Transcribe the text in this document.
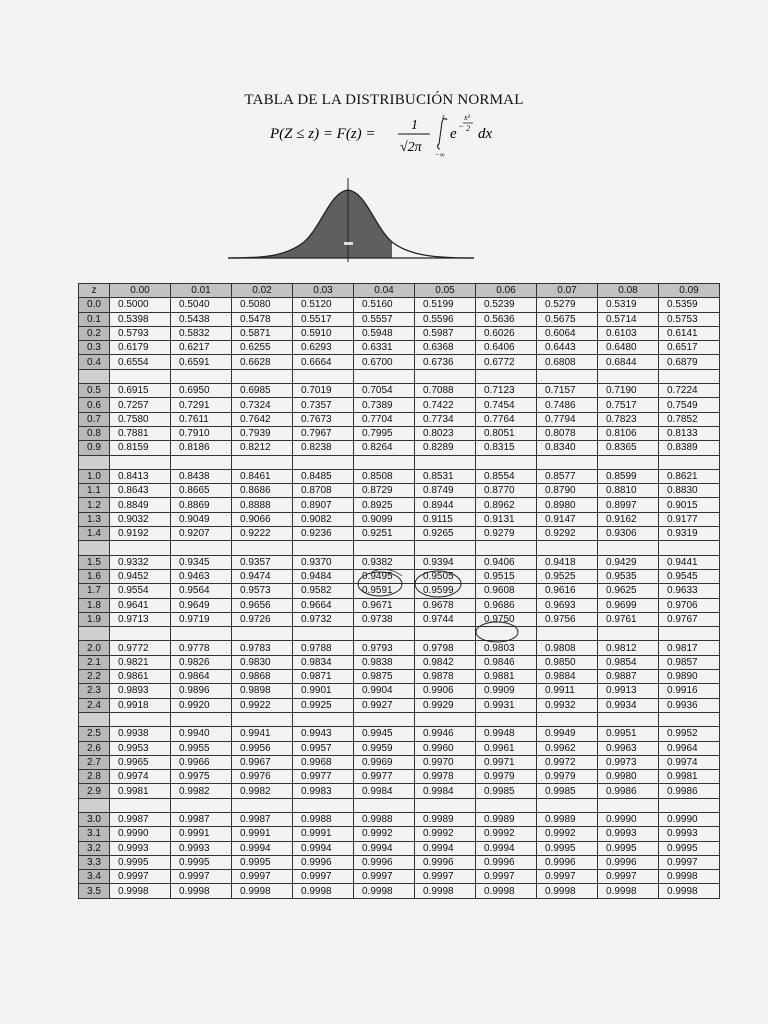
TABLA DE LA DISTRIBUCIÓN NORMAL
P(Z ≤ z) = F(z) =
1
√2π
z
−∞
e −
x²
2 dx
z	0.00	0.01	0.02	0.03	0.04	0.05	0.06	0.07	0.08	0.09
0.0	0.5000	0.5040	0.5080	0.5120	0.5160	0.5199	0.5239	0.5279	0.5319	0.5359
0.1	0.5398	0.5438	0.5478	0.5517	0.5557	0.5596	0.5636	0.5675	0.5714	0.5753
0.2	0.5793	0.5832	0.5871	0.5910	0.5948	0.5987	0.6026	0.6064	0.6103	0.6141
0.3	0.6179	0.6217	0.6255	0.6293	0.6331	0.6368	0.6406	0.6443	0.6480	0.6517
0.4	0.6554	0.6591	0.6628	0.6664	0.6700	0.6736	0.6772	0.6808	0.6844	0.6879

0.5	0.6915	0.6950	0.6985	0.7019	0.7054	0.7088	0.7123	0.7157	0.7190	0.7224
0.6	0.7257	0.7291	0.7324	0.7357	0.7389	0.7422	0.7454	0.7486	0.7517	0.7549
0.7	0.7580	0.7611	0.7642	0.7673	0.7704	0.7734	0.7764	0.7794	0.7823	0.7852
0.8	0.7881	0.7910	0.7939	0.7967	0.7995	0.8023	0.8051	0.8078	0.8106	0.8133
0.9	0.8159	0.8186	0.8212	0.8238	0.8264	0.8289	0.8315	0.8340	0.8365	0.8389

1.0	0.8413	0.8438	0.8461	0.8485	0.8508	0.8531	0.8554	0.8577	0.8599	0.8621
1.1	0.8643	0.8665	0.8686	0.8708	0.8729	0.8749	0.8770	0.8790	0.8810	0.8830
1.2	0.8849	0.8869	0.8888	0.8907	0.8925	0.8944	0.8962	0.8980	0.8997	0.9015
1.3	0.9032	0.9049	0.9066	0.9082	0.9099	0.9115	0.9131	0.9147	0.9162	0.9177
1.4	0.9192	0.9207	0.9222	0.9236	0.9251	0.9265	0.9279	0.9292	0.9306	0.9319

1.5	0.9332	0.9345	0.9357	0.9370	0.9382	0.9394	0.9406	0.9418	0.9429	0.9441
1.6	0.9452	0.9463	0.9474	0.9484	0.9495	0.9505	0.9515	0.9525	0.9535	0.9545
1.7	0.9554	0.9564	0.9573	0.9582	0.9591	0.9599	0.9608	0.9616	0.9625	0.9633
1.8	0.9641	0.9649	0.9656	0.9664	0.9671	0.9678	0.9686	0.9693	0.9699	0.9706
1.9	0.9713	0.9719	0.9726	0.9732	0.9738	0.9744	0.9750	0.9756	0.9761	0.9767

2.0	0.9772	0.9778	0.9783	0.9788	0.9793	0.9798	0.9803	0.9808	0.9812	0.9817
2.1	0.9821	0.9826	0.9830	0.9834	0.9838	0.9842	0.9846	0.9850	0.9854	0.9857
2.2	0.9861	0.9864	0.9868	0.9871	0.9875	0.9878	0.9881	0.9884	0.9887	0.9890
2.3	0.9893	0.9896	0.9898	0.9901	0.9904	0.9906	0.9909	0.9911	0.9913	0.9916
2.4	0.9918	0.9920	0.9922	0.9925	0.9927	0.9929	0.9931	0.9932	0.9934	0.9936

2.5	0.9938	0.9940	0.9941	0.9943	0.9945	0.9946	0.9948	0.9949	0.9951	0.9952
2.6	0.9953	0.9955	0.9956	0.9957	0.9959	0.9960	0.9961	0.9962	0.9963	0.9964
2.7	0.9965	0.9966	0.9967	0.9968	0.9969	0.9970	0.9971	0.9972	0.9973	0.9974
2.8	0.9974	0.9975	0.9976	0.9977	0.9977	0.9978	0.9979	0.9979	0.9980	0.9981
2.9	0.9981	0.9982	0.9982	0.9983	0.9984	0.9984	0.9985	0.9985	0.9986	0.9986

3.0	0.9987	0.9987	0.9987	0.9988	0.9988	0.9989	0.9989	0.9989	0.9990	0.9990
3.1	0.9990	0.9991	0.9991	0.9991	0.9992	0.9992	0.9992	0.9992	0.9993	0.9993
3.2	0.9993	0.9993	0.9994	0.9994	0.9994	0.9994	0.9994	0.9995	0.9995	0.9995
3.3	0.9995	0.9995	0.9995	0.9996	0.9996	0.9996	0.9996	0.9996	0.9996	0.9997
3.4	0.9997	0.9997	0.9997	0.9997	0.9997	0.9997	0.9997	0.9997	0.9997	0.9998
3.5	0.9998	0.9998	0.9998	0.9998	0.9998	0.9998	0.9998	0.9998	0.9998	0.9998
